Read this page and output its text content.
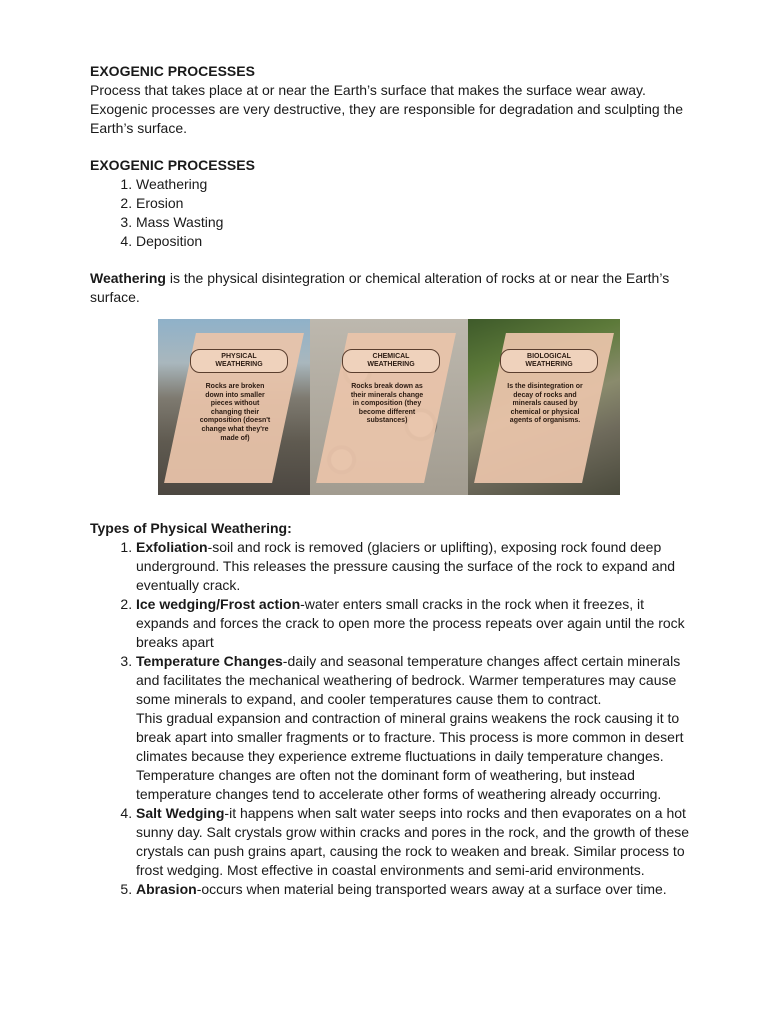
EXOGENIC PROCESSES

Process that takes place at or near the Earth’s surface that makes the surface wear away. Exogenic processes are very destructive, they are responsible for degradation and sculpting the Earth’s surface.

EXOGENIC PROCESSES
1. Weathering
2. Erosion
3. Mass Wasting
4. Deposition

Weathering is the physical disintegration or chemical alteration of rocks at or near the Earth’s surface.

PHYSICAL WEATHERING
Rocks are broken down into smaller pieces without changing their composition (doesn't change what they're made of)
CHEMICAL WEATHERING
Rocks break down as their minerals change in composition (they become different substances)
BIOLOGICAL WEATHERING
Is the disintegration or decay of rocks and minerals caused by chemical or physical agents of organisms.
Types of Physical Weathering:
1. Exfoliation-soil and rock is removed (glaciers or uplifting), exposing rock found deep underground. This releases the pressure causing the surface of the rock to expand and eventually crack.
2. Ice wedging/Frost action-water enters small cracks in the rock when it freezes, it expands and forces the crack to open more the process repeats over again until the rock breaks apart
3. Temperature Changes-daily and seasonal temperature changes affect certain minerals and facilitates the mechanical weathering of bedrock. Warmer temperatures may cause some minerals to expand, and cooler temperatures cause them to contract.
This gradual expansion and contraction of mineral grains weakens the rock causing it to break apart into smaller fragments or to fracture. This process is more common in desert climates because they experience extreme fluctuations in daily temperature changes. Temperature changes are often not the dominant form of weathering, but instead temperature changes tend to accelerate other forms of weathering already occurring.
4. Salt Wedging-it happens when salt water seeps into rocks and then evaporates on a hot sunny day. Salt crystals grow within cracks and pores in the rock, and the growth of these crystals can push grains apart, causing the rock to weaken and break. Similar process to frost wedging. Most effective in coastal environments and semi-arid environments.
5. Abrasion-occurs when material being transported wears away at a surface over time.
